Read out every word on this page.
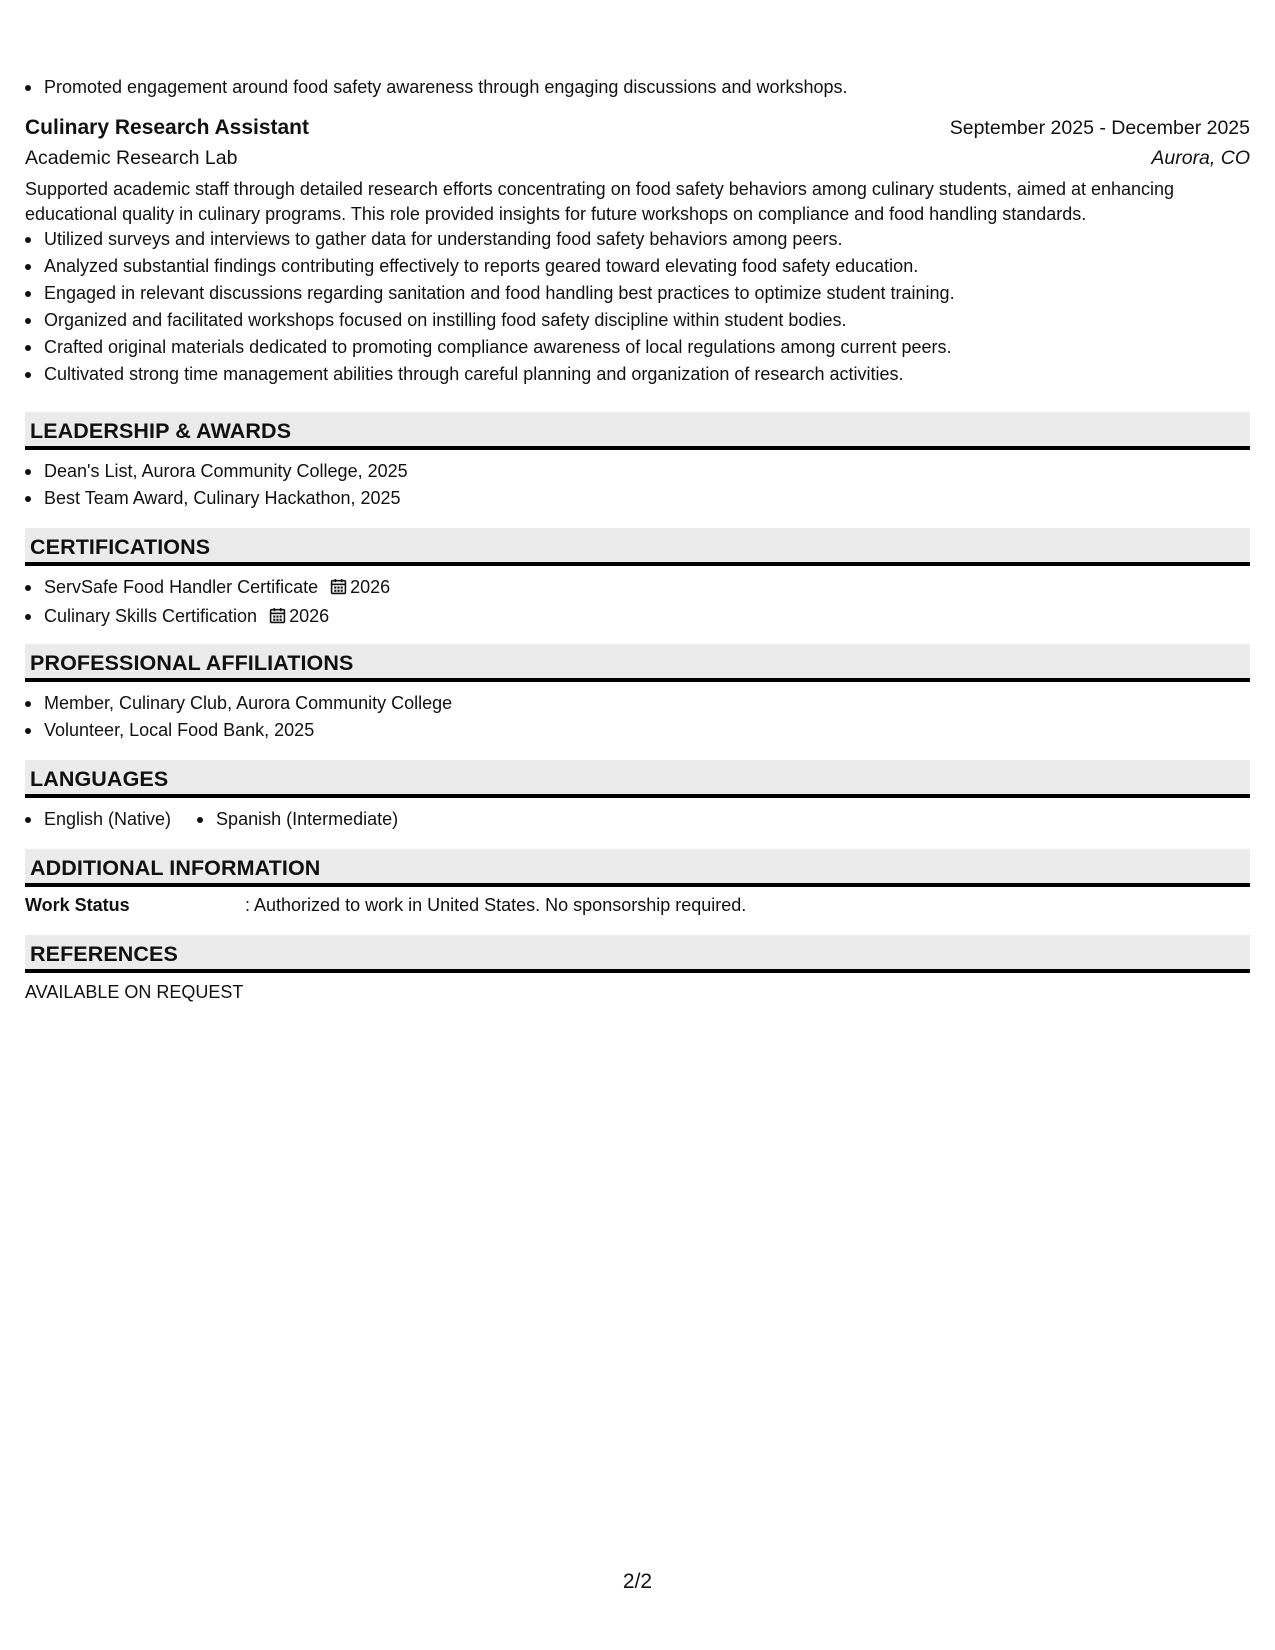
Promoted engagement around food safety awareness through engaging discussions and workshops.
Culinary Research Assistant	September 2025 - December 2025
Academic Research Lab	Aurora, CO
Supported academic staff through detailed research efforts concentrating on food safety behaviors among culinary students, aimed at enhancing educational quality in culinary programs. This role provided insights for future workshops on compliance and food handling standards.
Utilized surveys and interviews to gather data for understanding food safety behaviors among peers.
Analyzed substantial findings contributing effectively to reports geared toward elevating food safety education.
Engaged in relevant discussions regarding sanitation and food handling best practices to optimize student training.
Organized and facilitated workshops focused on instilling food safety discipline within student bodies.
Crafted original materials dedicated to promoting compliance awareness of local regulations among current peers.
Cultivated strong time management abilities through careful planning and organization of research activities.
LEADERSHIP & AWARDS
Dean's List, Aurora Community College, 2025
Best Team Award, Culinary Hackathon, 2025
CERTIFICATIONS
ServSafe Food Handler Certificate 2026
Culinary Skills Certification 2026
PROFESSIONAL AFFILIATIONS
Member, Culinary Club, Aurora Community College
Volunteer, Local Food Bank, 2025
LANGUAGES
English (Native)	Spanish (Intermediate)
ADDITIONAL INFORMATION
Work Status	: Authorized to work in United States. No sponsorship required.
REFERENCES
AVAILABLE ON REQUEST
2/2
